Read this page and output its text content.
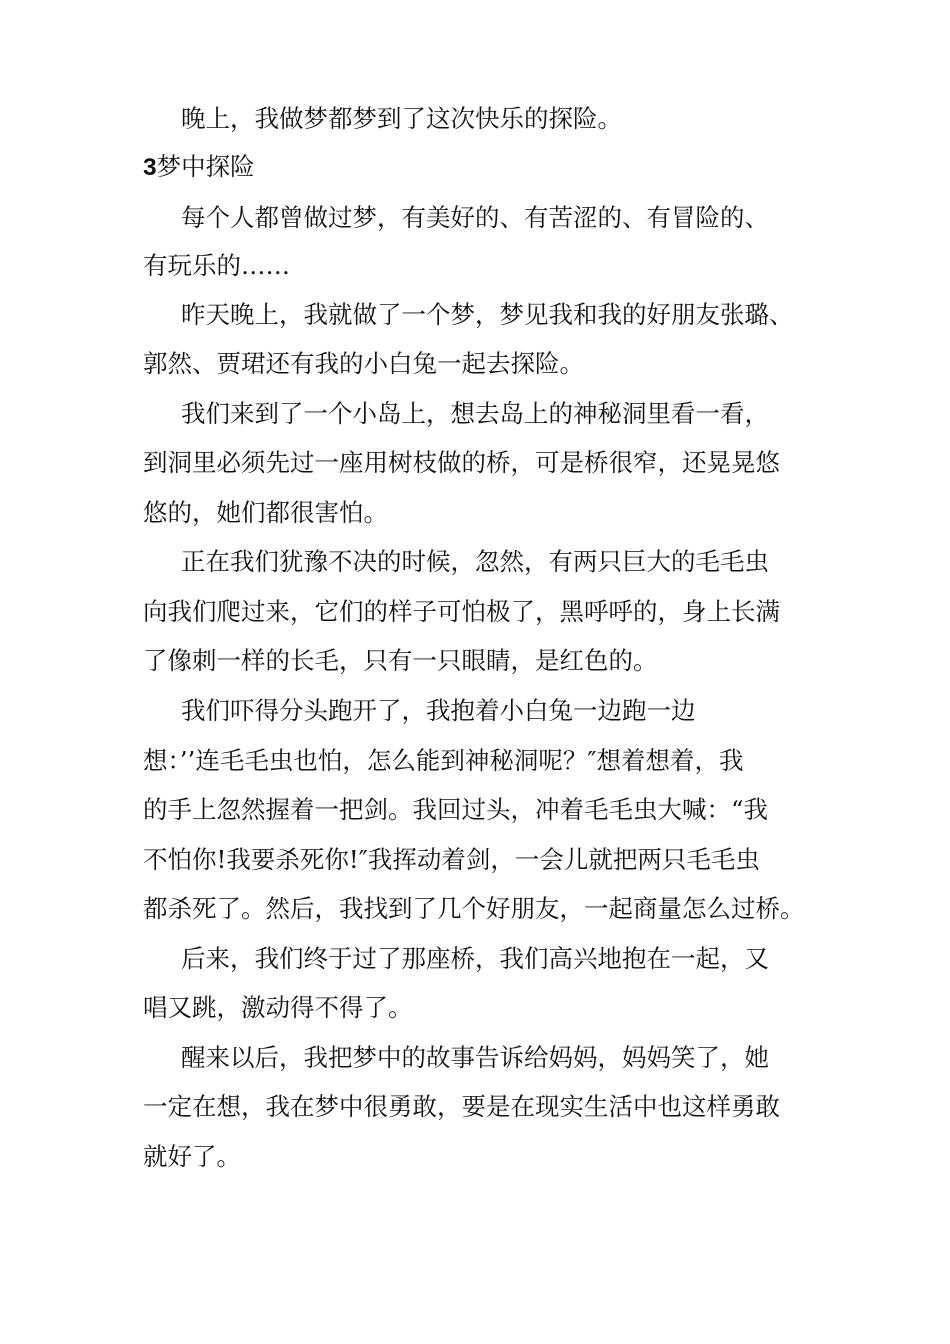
晚上，我做梦都梦到了这次快乐的探险。
3梦中探险
每个人都曾做过梦，有美好的、有苦涩的、有冒险的、
有玩乐的……
昨天晚上，我就做了一个梦，梦见我和我的好朋友张璐、
郭然、贾珺还有我的小白兔一起去探险。
我们来到了一个小岛上，想去岛上的神秘洞里看一看，
到洞里必须先过一座用树枝做的桥，可是桥很窄，还晃晃悠
悠的，她们都很害怕。
正在我们犹豫不决的时候，忽然，有两只巨大的毛毛虫
向我们爬过来，它们的样子可怕极了，黑呼呼的，身上长满
了像刺一样的长毛，只有一只眼睛，是红色的。
我们吓得分头跑开了，我抱着小白兔一边跑一边
想：’’连毛毛虫也怕，怎么能到神秘洞呢？″想着想着，我
的手上忽然握着一把剑。我回过头，冲着毛毛虫大喊：“我
不怕你!我要杀死你!″我挥动着剑，一会儿就把两只毛毛虫
都杀死了。然后，我找到了几个好朋友，一起商量怎么过桥。
后来，我们终于过了那座桥，我们高兴地抱在一起，又
唱又跳，激动得不得了。
醒来以后，我把梦中的故事告诉给妈妈，妈妈笑了，她
一定在想，我在梦中很勇敢，要是在现实生活中也这样勇敢
就好了。
